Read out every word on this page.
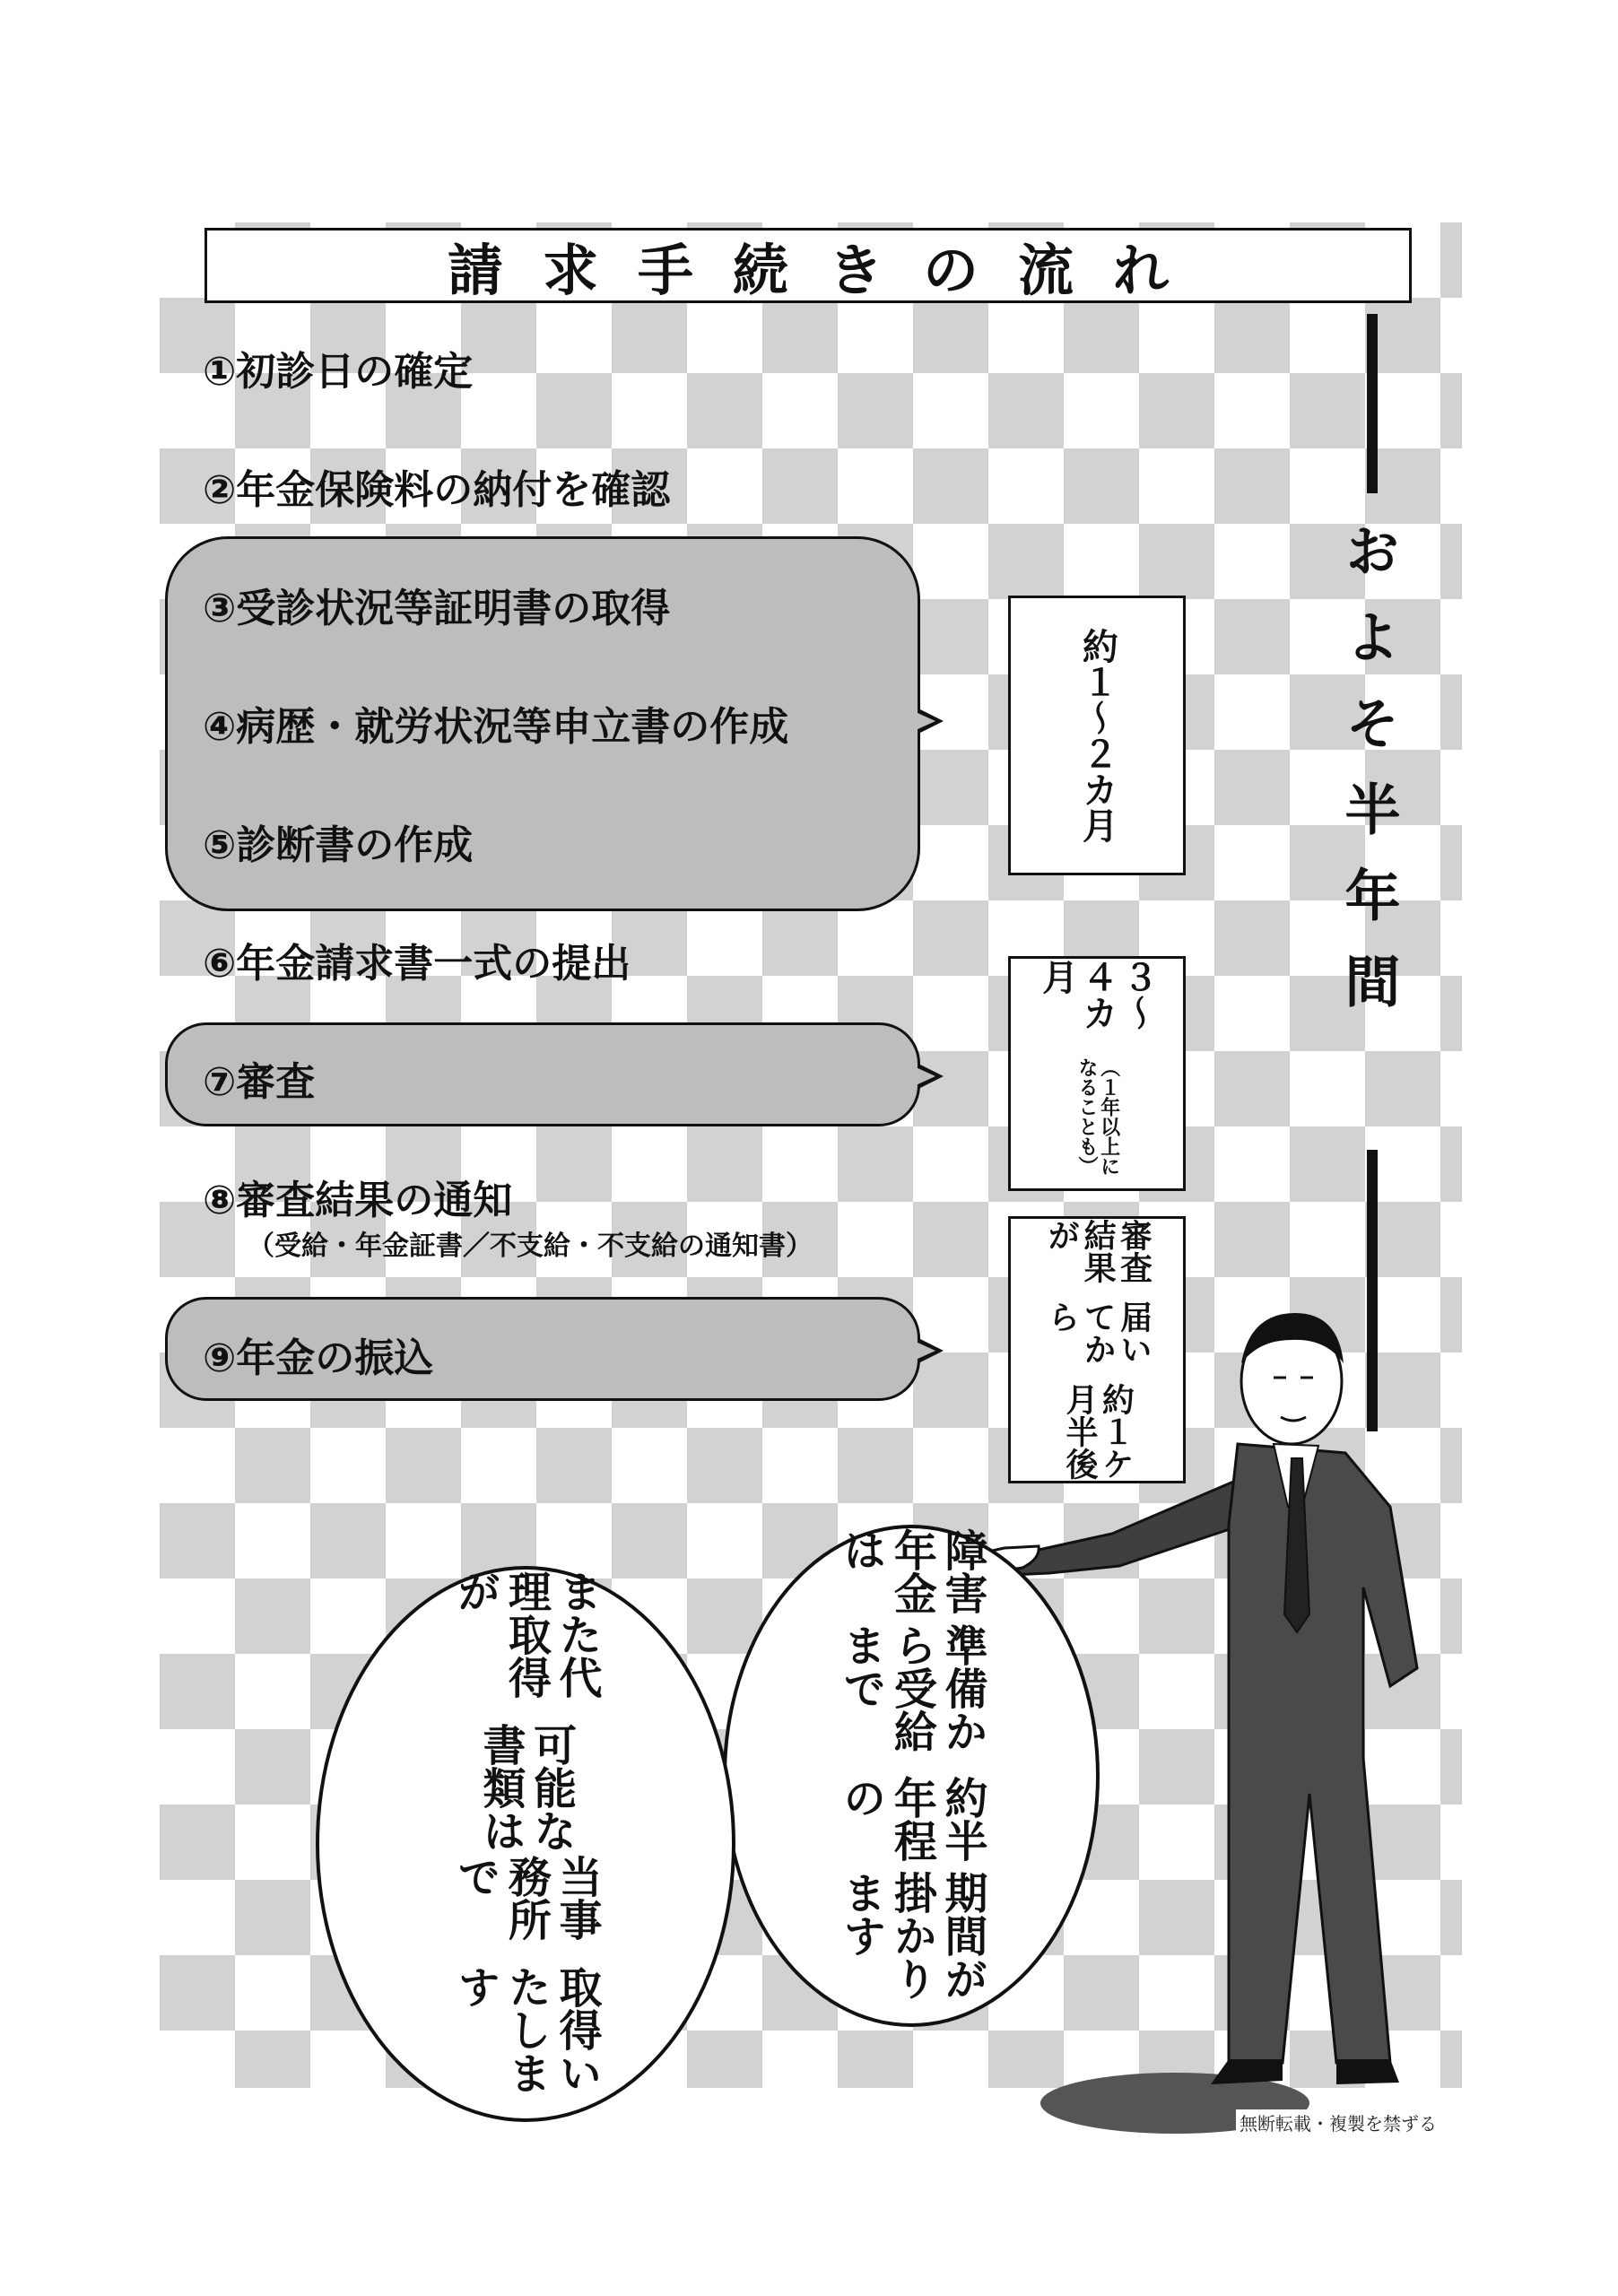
請求手続きの流れ
①初診日の確定
②年金保険料の納付を確認
③受診状況等証明書の取得
④病歴・就労状況等申立書の作成
⑤診断書の作成
⑥年金請求書一式の提出
⑦審査
⑧審査結果の通知
（受給・年金証書／不支給・不支給の通知書）
⑨年金の振込
約１〜２カ月
３〜４カ月
（１年以上になることも）
審査結果が
届いてから
約１ケ月半後
およそ半年間
障害年金は
準備から受給まで
約半年程の
期間が掛かります
また代理取得が
可能な書類は
当事務所で
取得いたします
無断転載・複製を禁ずる
